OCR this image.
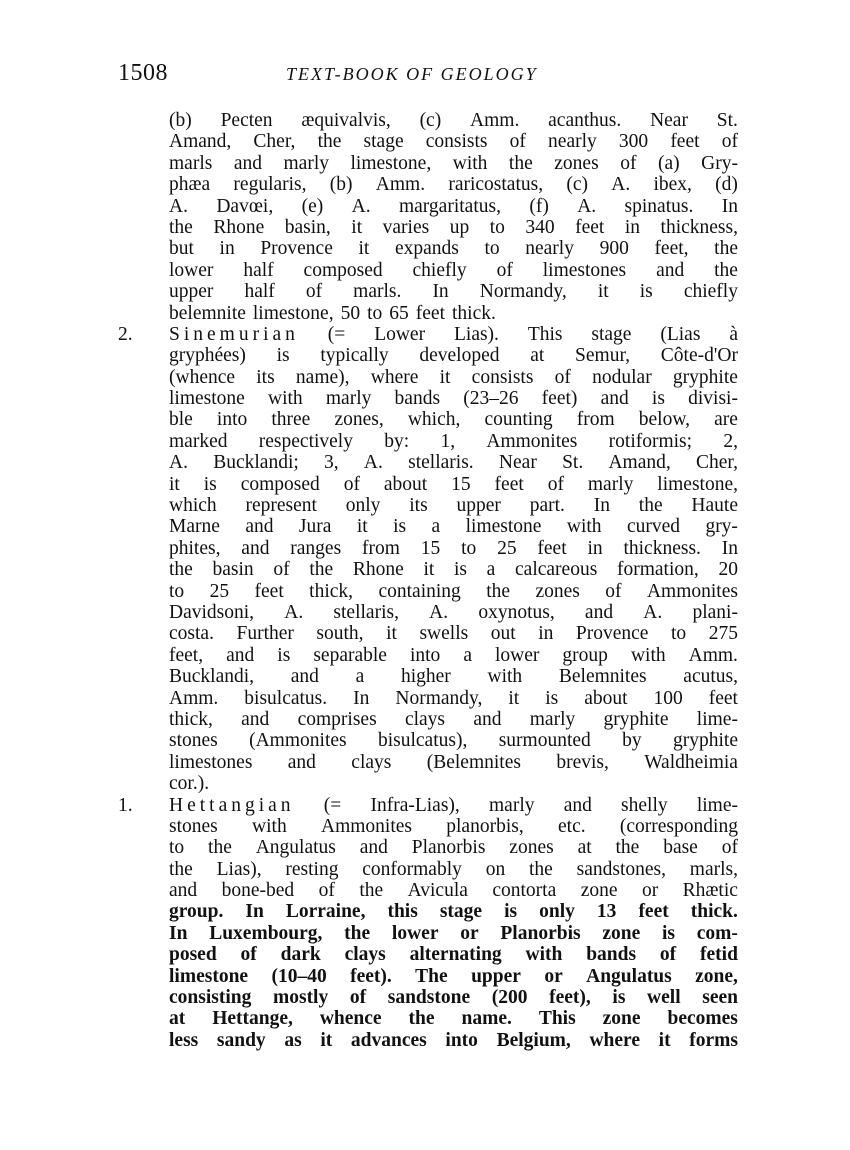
1508	TEXT-BOOK OF GEOLOGY
(b) Pecten æquivalvis, (c) Amm. acanthus. Near St.
Amand, Cher, the stage consists of nearly 300 feet of
marls and marly limestone, with the zones of (a) Gry-
phæa regularis, (b) Amm. raricostatus, (c) A. ibex, (d)
A. Davœi, (e) A. margaritatus, (f) A. spinatus. In
the Rhone basin, it varies up to 340 feet in thickness,
but in Provence it expands to nearly 900 feet, the
lower half composed chiefly of limestones and the
upper half of marls. In Normandy, it is chiefly
belemnite limestone, 50 to 65 feet thick.
2. Sinemurian (= Lower Lias). This stage (Lias à
gryphées) is typically developed at Semur, Côte-d'Or
(whence its name), where it consists of nodular gryphite
limestone with marly bands (23–26 feet) and is divisi-
ble into three zones, which, counting from below, are
marked respectively by: 1, Ammonites rotiformis; 2,
A. Bucklandi; 3, A. stellaris. Near St. Amand, Cher,
it is composed of about 15 feet of marly limestone,
which represent only its upper part. In the Haute
Marne and Jura it is a limestone with curved gry-
phites, and ranges from 15 to 25 feet in thickness. In
the basin of the Rhone it is a calcareous formation, 20
to 25 feet thick, containing the zones of Ammonites
Davidsoni, A. stellaris, A. oxynotus, and A. plani-
costa. Further south, it swells out in Provence to 275
feet, and is separable into a lower group with Amm.
Bucklandi, and a higher with Belemnites acutus,
Amm. bisulcatus. In Normandy, it is about 100 feet
thick, and comprises clays and marly gryphite lime-
stones (Ammonites bisulcatus), surmounted by gryphite
limestones and clays (Belemnites brevis, Waldheimia
cor.).
1. Hettangian (= Infra-Lias), marly and shelly lime-
stones with Ammonites planorbis, etc. (corresponding
to the Angulatus and Planorbis zones at the base of
the Lias), resting conformably on the sandstones, marls,
and bone-bed of the Avicula contorta zone or Rhætic
group. In Lorraine, this stage is only 13 feet thick.
In Luxembourg, the lower or Planorbis zone is com-
posed of dark clays alternating with bands of fetid
limestone (10–40 feet). The upper or Angulatus zone,
consisting mostly of sandstone (200 feet), is well seen
at Hettange, whence the name. This zone becomes
less sandy as it advances into Belgium, where it forms
